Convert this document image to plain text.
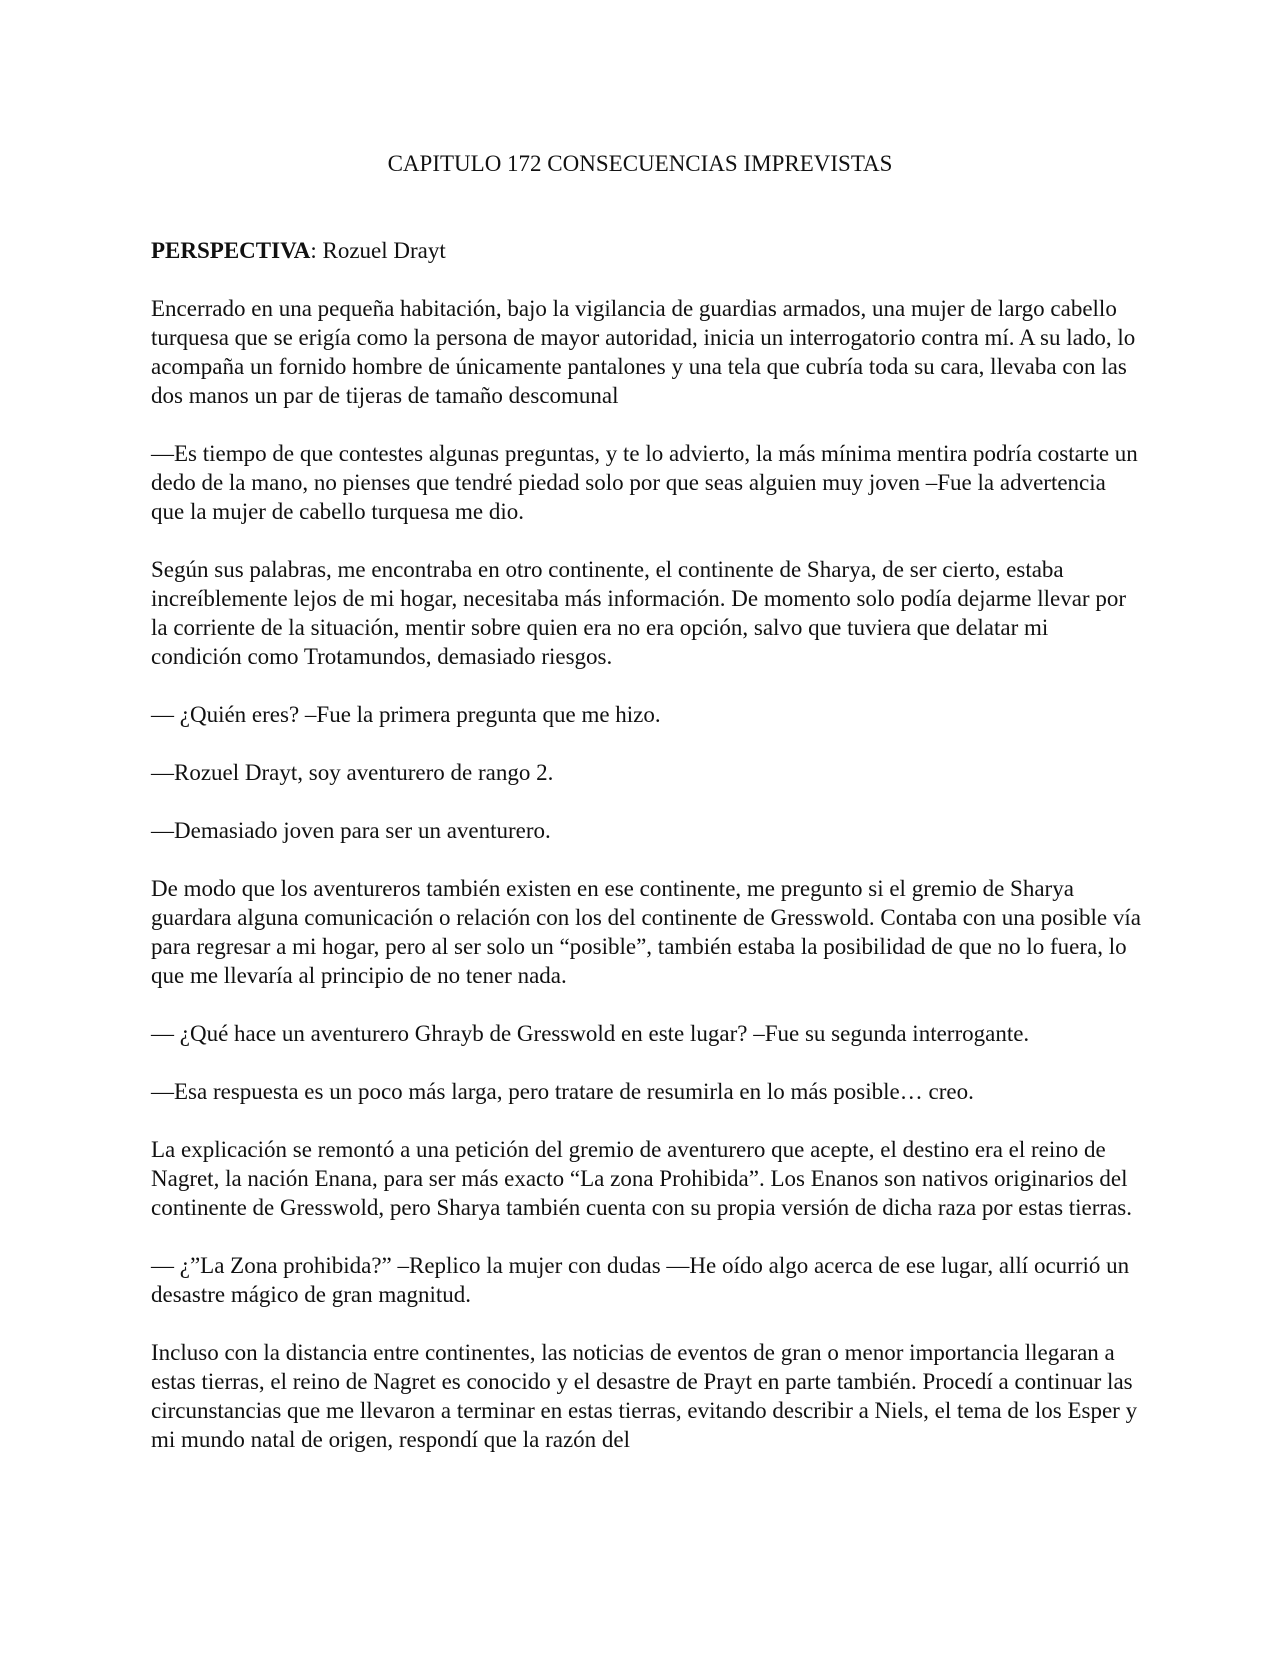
CAPITULO 172 CONSECUENCIAS IMPREVISTAS

PERSPECTIVA: Rozuel Drayt

Encerrado en una pequeña habitación, bajo la vigilancia de guardias armados, una mujer de largo cabello turquesa que se erigía como la persona de mayor autoridad, inicia un interrogatorio contra mí. A su lado, lo acompaña un fornido hombre de únicamente pantalones y una tela que cubría toda su cara, llevaba con las dos manos un par de tijeras de tamaño descomunal

—Es tiempo de que contestes algunas preguntas, y te lo advierto, la más mínima mentira podría costarte un dedo de la mano, no pienses que tendré piedad solo por que seas alguien muy joven –Fue la advertencia que la mujer de cabello turquesa me dio.

Según sus palabras, me encontraba en otro continente, el continente de Sharya, de ser cierto, estaba increíblemente lejos de mi hogar, necesitaba más información. De momento solo podía dejarme llevar por la corriente de la situación, mentir sobre quien era no era opción, salvo que tuviera que delatar mi condición como Trotamundos, demasiado riesgos.

— ¿Quién eres? –Fue la primera pregunta que me hizo.

—Rozuel Drayt, soy aventurero de rango 2.

—Demasiado joven para ser un aventurero.

De modo que los aventureros también existen en ese continente, me pregunto si el gremio de Sharya guardara alguna comunicación o relación con los del continente de Gresswold. Contaba con una posible vía para regresar a mi hogar, pero al ser solo un “posible”, también estaba la posibilidad de que no lo fuera, lo que me llevaría al principio de no tener nada.

— ¿Qué hace un aventurero Ghrayb de Gresswold en este lugar? –Fue su segunda interrogante.

—Esa respuesta es un poco más larga, pero tratare de resumirla en lo más posible… creo.

La explicación se remontó a una petición del gremio de aventurero que acepte, el destino era el reino de Nagret, la nación Enana, para ser más exacto “La zona Prohibida”. Los Enanos son nativos originarios del continente de Gresswold, pero Sharya también cuenta con su propia versión de dicha raza por estas tierras.

— ¿”La Zona prohibida?” –Replico la mujer con dudas —He oído algo acerca de ese lugar, allí ocurrió un desastre mágico de gran magnitud.

Incluso con la distancia entre continentes, las noticias de eventos de gran o menor importancia llegaran a estas tierras, el reino de Nagret es conocido y el desastre de Prayt en parte también. Procedí a continuar las circunstancias que me llevaron a terminar en estas tierras, evitando describir a Niels, el tema de los Esper y mi mundo natal de origen, respondí que la razón del
